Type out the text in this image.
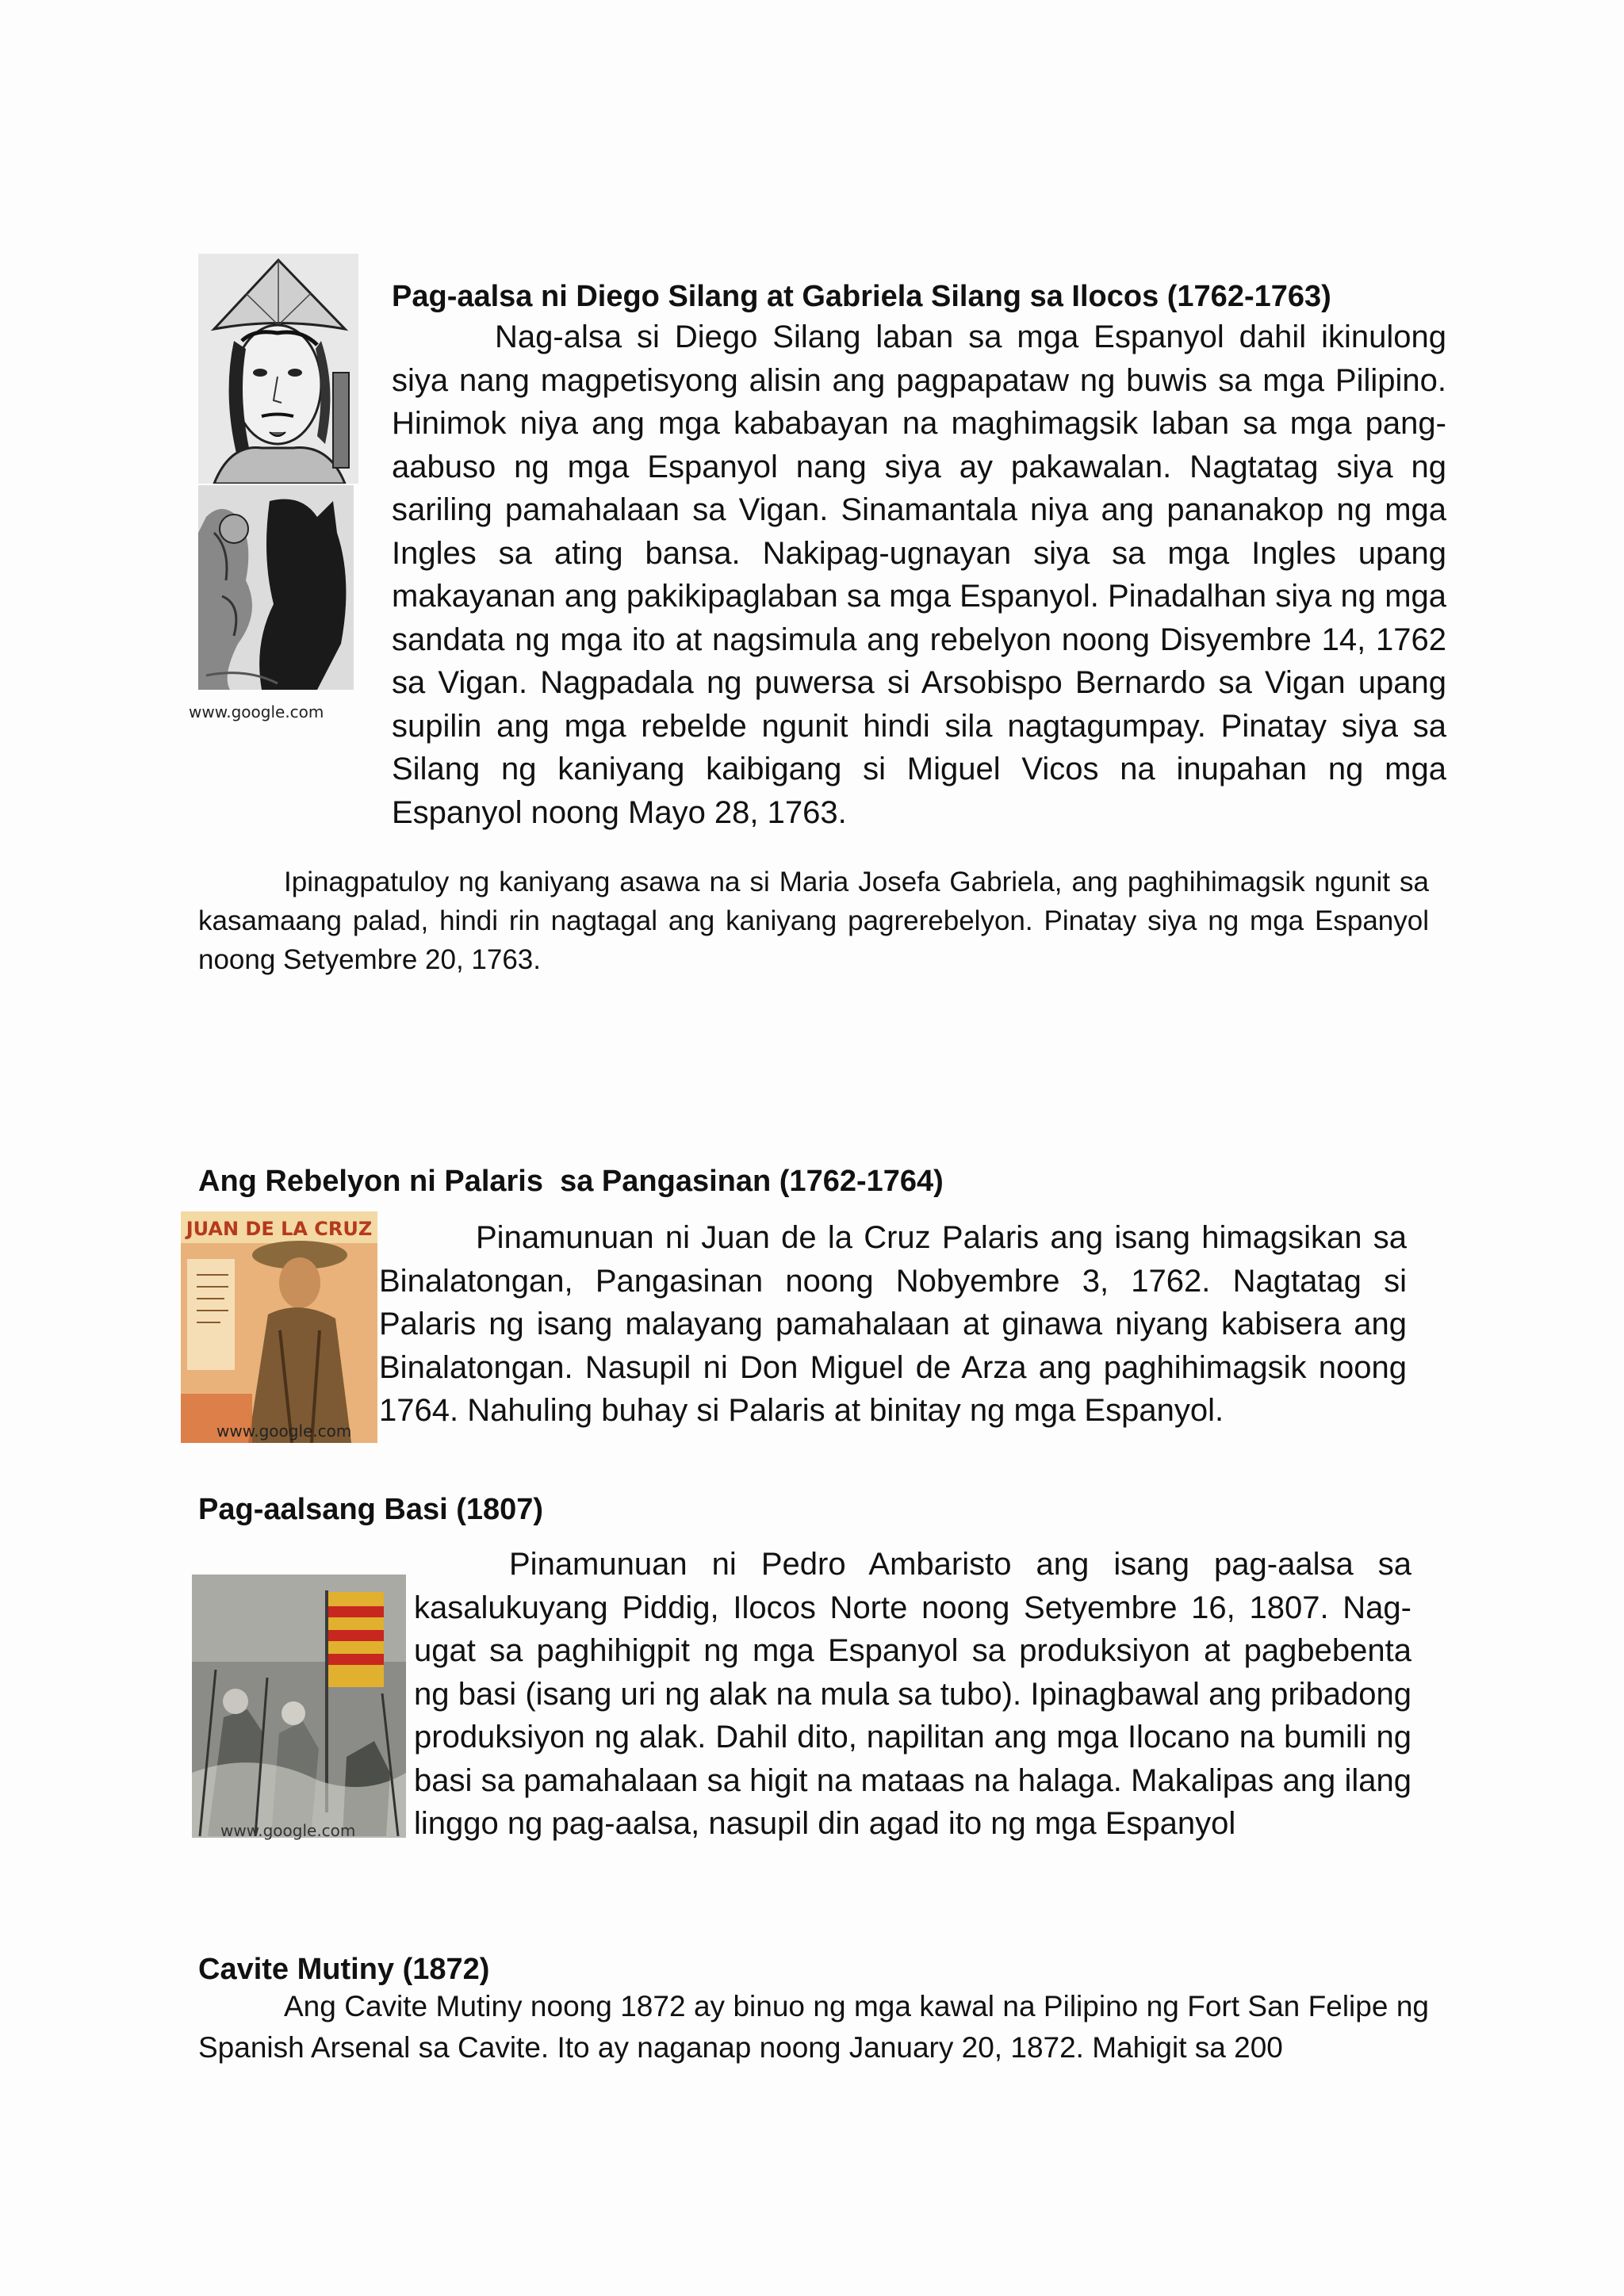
www.google.com
Pag-aalsa ni Diego Silang at Gabriela Silang sa Ilocos (1762-1763)

Nag-alsa si Diego Silang laban sa mga Espanyol dahil ikinulong siya nang magpetisyong alisin ang pagpapataw ng buwis sa mga Pilipino. Hinimok niya ang mga kababayan na maghimagsik laban sa mga pang-aabuso ng mga Espanyol nang siya ay pakawalan. Nagtatag siya ng sariling pamahalaan sa Vigan. Sinamantala niya ang pananakop ng mga Ingles sa ating bansa. Nakipag-ugnayan siya sa mga Ingles upang makayanan ang pakikipaglaban sa mga Espanyol. Pinadalhan siya ng mga sandata ng mga ito at nagsimula ang rebelyon noong Disyembre 14, 1762 sa Vigan. Nagpadala ng puwersa si Arsobispo Bernardo sa Vigan upang supilin ang mga rebelde ngunit hindi sila nagtagumpay. Pinatay siya sa Silang ng kaniyang kaibigang si Miguel Vicos na inupahan ng mga Espanyol noong Mayo 28, 1763.

Ipinagpatuloy ng kaniyang asawa na si Maria Josefa Gabriela, ang paghihimagsik ngunit sa kasamaang palad, hindi rin nagtagal ang kaniyang pagrerebelyon. Pinatay siya ng mga Espanyol noong Setyembre 20, 1763.

Ang Rebelyon ni Palaris  sa Pangasinan (1762-1764)
JUAN DE LA CRUZ
www.google.com

Pinamunuan ni Juan de la Cruz Palaris ang isang himagsikan sa Binalatongan, Pangasinan noong Nobyembre 3, 1762. Nagtatag si Palaris ng isang malayang pamahalaan at ginawa niyang kabisera ang Binalatongan. Nasupil ni Don Miguel de Arza ang paghihimagsik noong 1764. Nahuling buhay si Palaris at binitay ng mga Espanyol.

Pag-aalsang Basi (1807)
www.google.com

Pinamunuan ni Pedro Ambaristo ang isang pag-aalsa sa kasalukuyang Piddig, Ilocos Norte noong Setyembre 16, 1807. Nag-ugat sa paghihigpit ng mga Espanyol sa produksiyon at pagbebenta ng basi (isang uri ng alak na mula sa tubo). Ipinagbawal ang pribadong produksiyon ng alak. Dahil dito, napilitan ang mga Ilocano na bumili ng basi sa pamahalaan sa higit na mataas na halaga. Makalipas ang ilang linggo ng pag-aalsa, nasupil din agad ito ng mga Espanyol

Cavite Mutiny (1872)

Ang Cavite Mutiny noong 1872 ay binuo ng mga kawal na Pilipino ng Fort San Felipe ng Spanish Arsenal sa Cavite. Ito ay naganap noong January 20, 1872. Mahigit sa 200
